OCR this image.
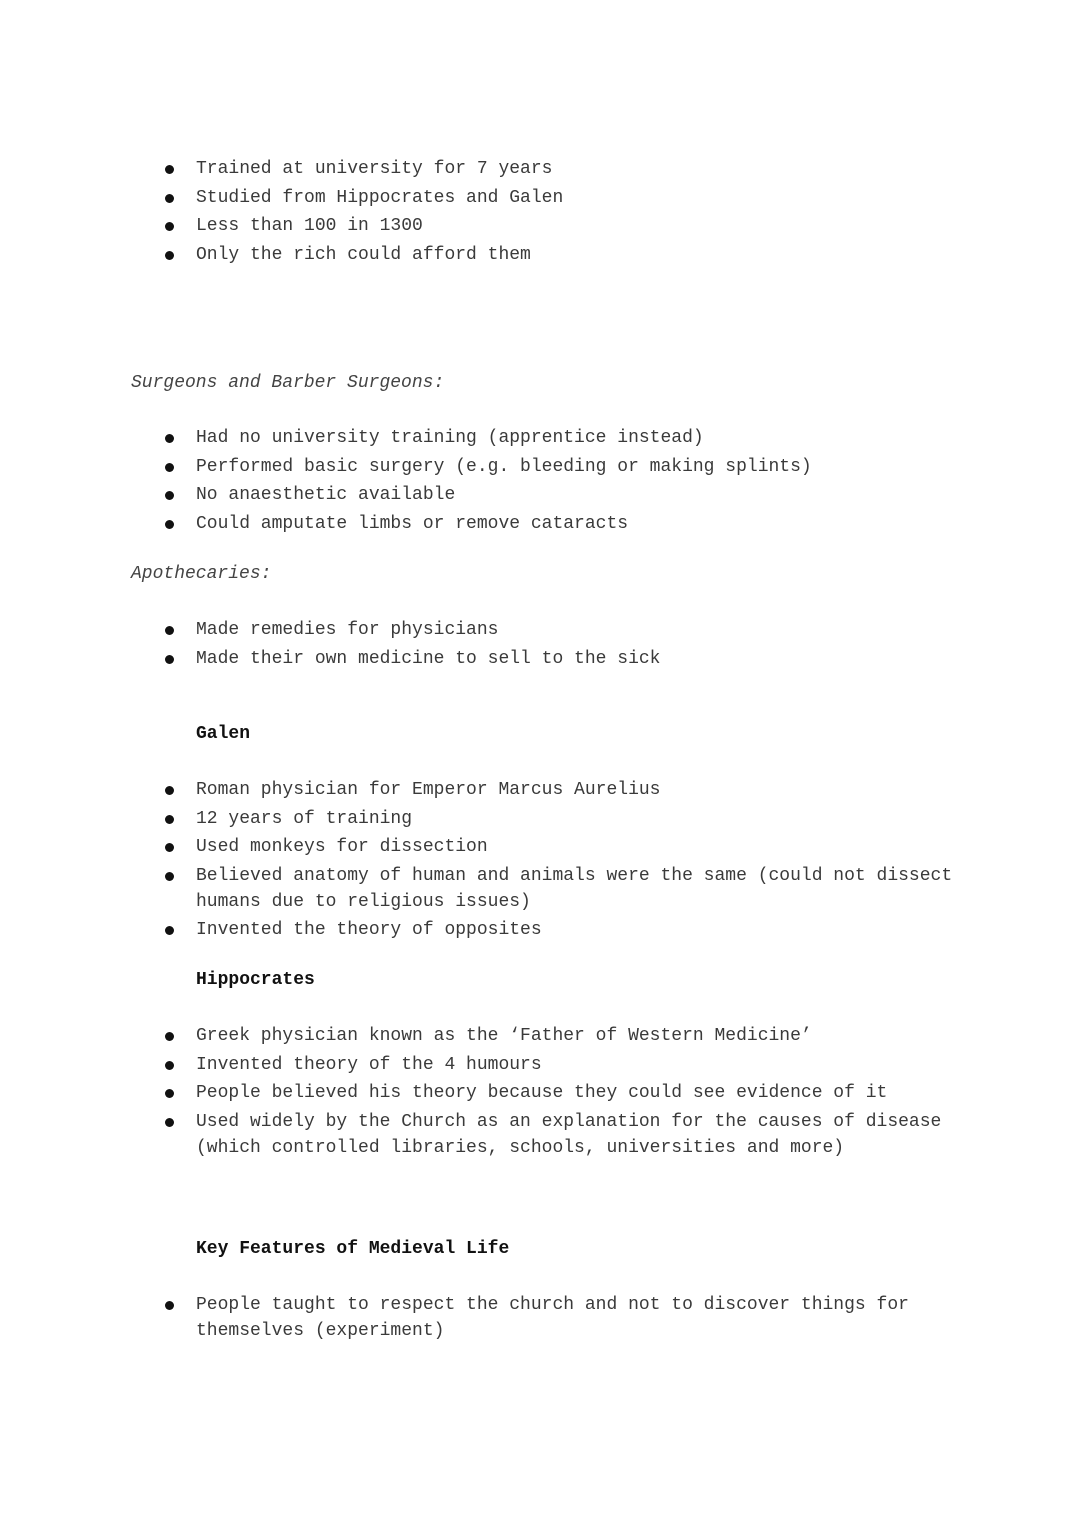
Trained at university for 7 years
Studied from Hippocrates and Galen
Less than 100 in 1300
Only the rich could afford them
Surgeons and Barber Surgeons:
Had no university training (apprentice instead)
Performed basic surgery (e.g. bleeding or making splints)
No anaesthetic available
Could amputate limbs or remove cataracts
Apothecaries:
Made remedies for physicians
Made their own medicine to sell to the sick
Galen
Roman physician for Emperor Marcus Aurelius
12 years of training
Used monkeys for dissection
Believed anatomy of human and animals were the same (could not dissect humans due to religious issues)
Invented the theory of opposites
Hippocrates
Greek physician known as the ‘Father of Western Medicine’
Invented theory of the 4 humours
People believed his theory because they could see evidence of it
Used widely by the Church as an explanation for the causes of disease (which controlled libraries, schools, universities and more)
Key Features of Medieval Life
People taught to respect the church and not to discover things for themselves (experiment)
